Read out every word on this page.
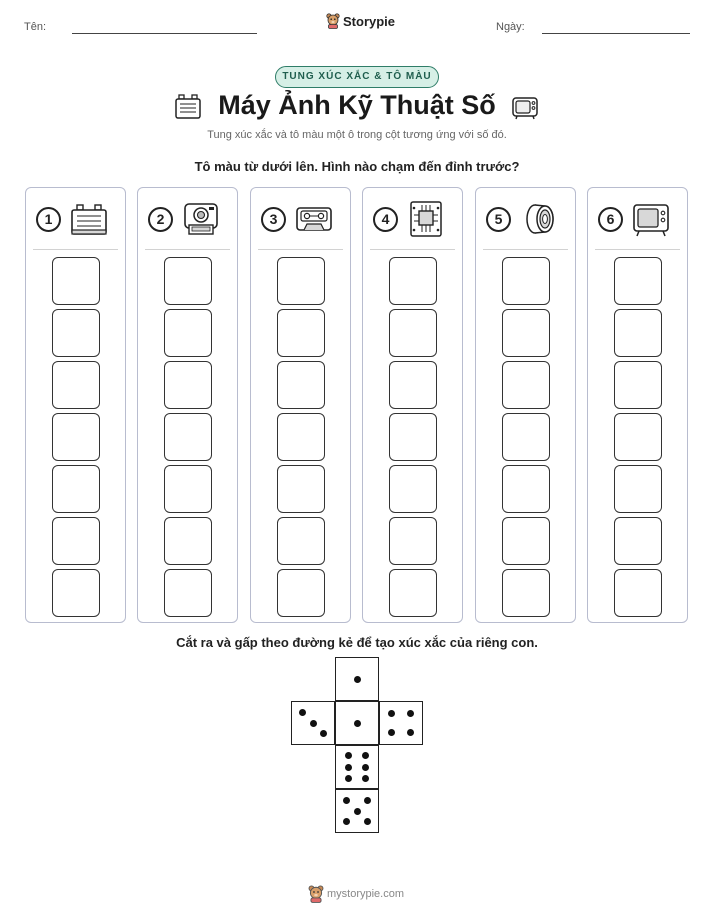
Tên:	Storypie	Ngày:
TUNG XÚC XẮC & TÔ MÀU
Máy Ảnh Kỹ Thuật Số
Tung xúc xắc và tô màu một ô trong cột tương ứng với số đó.
Tô màu từ dưới lên. Hình nào chạm đến đỉnh trước?
1	2	3	4	5	6
Cắt ra và gấp theo đường kẻ để tạo xúc xắc của riêng con.
mystorypie.com
